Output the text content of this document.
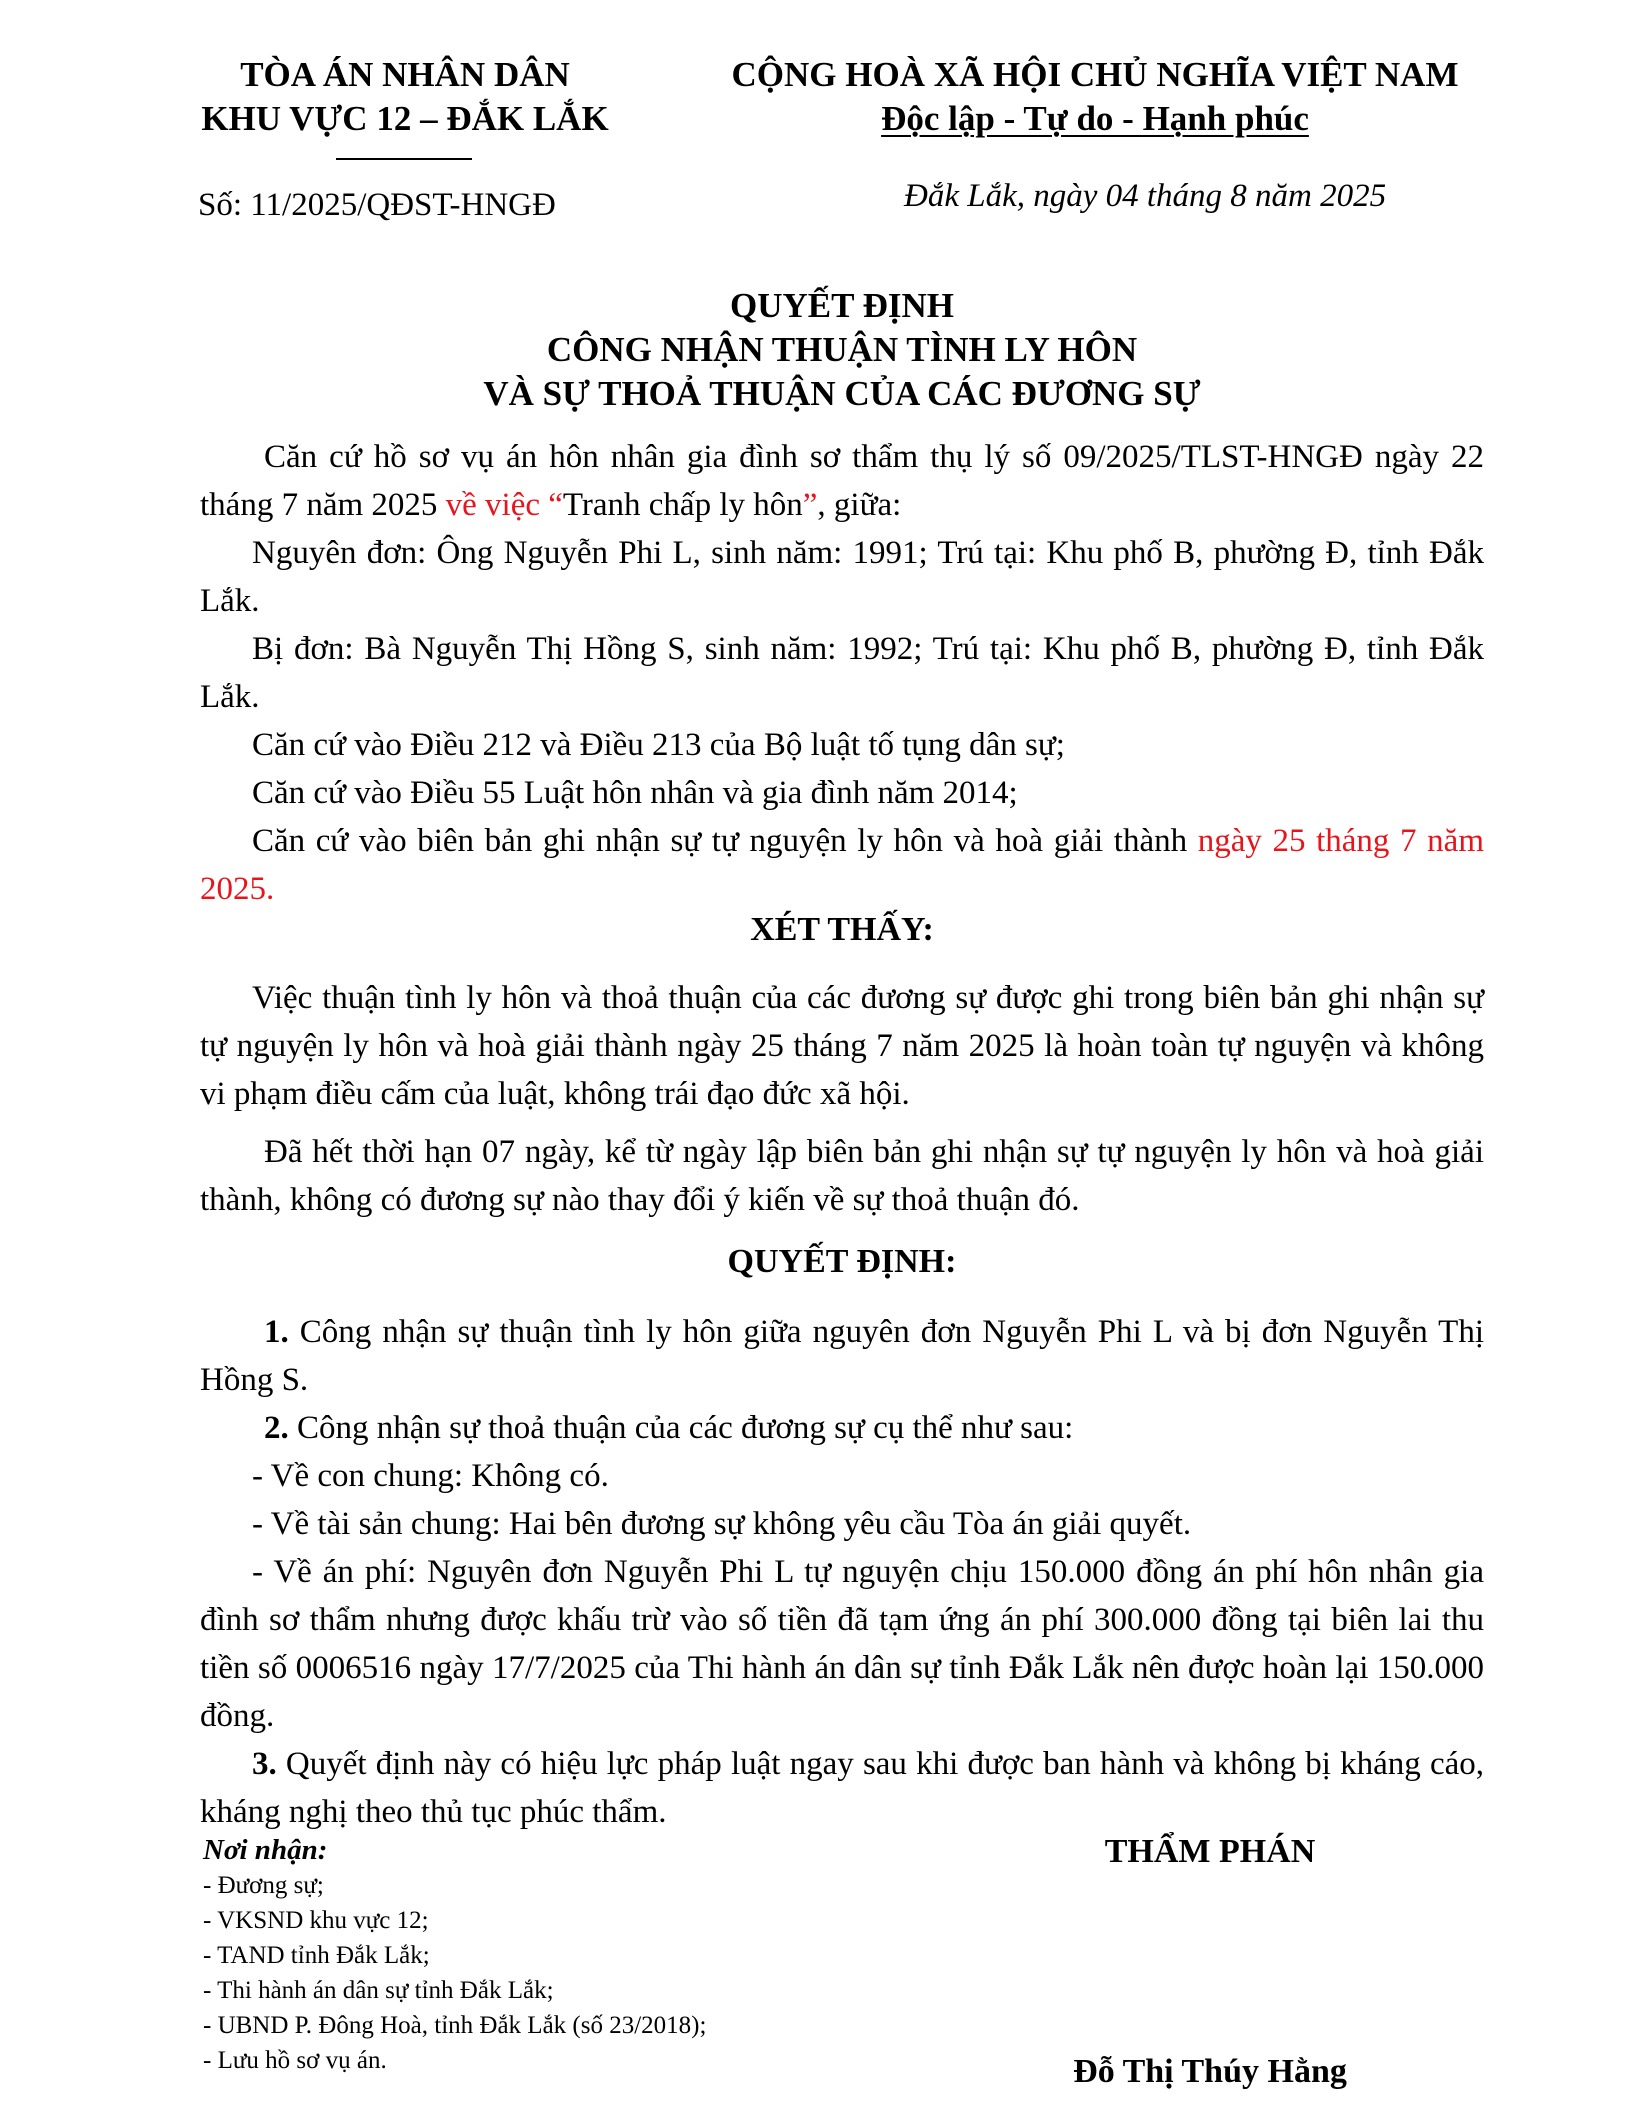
TÒA ÁN NHÂN DÂN
KHU VỰC 12 – ĐẮK LẮK
Số: 11/2025/QĐST-HNGĐ
CỘNG HOÀ XÃ HỘI CHỦ NGHĨA VIỆT NAM
Độc lập - Tự do - Hạnh phúc
Đắk Lắk, ngày 04 tháng 8 năm 2025
QUYẾT ĐỊNH
CÔNG NHẬN THUẬN TÌNH LY HÔN
VÀ SỰ THOẢ THUẬN CỦA CÁC ĐƯƠNG SỰ
Căn cứ hồ sơ vụ án hôn nhân gia đình sơ thẩm thụ lý số 09/2025/TLST-HNGĐ ngày 22 tháng 7 năm 2025 về việc “Tranh chấp ly hôn”, giữa:
Nguyên đơn: Ông Nguyễn Phi L, sinh năm: 1991; Trú tại: Khu phố B, phường Đ, tỉnh Đắk Lắk.
Bị đơn: Bà Nguyễn Thị Hồng S, sinh năm: 1992; Trú tại: Khu phố B, phường Đ, tỉnh Đắk Lắk.
Căn cứ vào Điều 212 và Điều 213 của Bộ luật tố tụng dân sự;
Căn cứ vào Điều 55 Luật hôn nhân và gia đình năm 2014;
Căn cứ vào biên bản ghi nhận sự tự nguyện ly hôn và hoà giải thành ngày 25 tháng 7 năm 2025.
XÉT THẤY:
Việc thuận tình ly hôn và thoả thuận của các đương sự được ghi trong biên bản ghi nhận sự tự nguyện ly hôn và hoà giải thành ngày 25 tháng 7 năm 2025 là hoàn toàn tự nguyện và không vi phạm điều cấm của luật, không trái đạo đức xã hội.
Đã hết thời hạn 07 ngày, kể từ ngày lập biên bản ghi nhận sự tự nguyện ly hôn và hoà giải thành, không có đương sự nào thay đổi ý kiến về sự thoả thuận đó.
QUYẾT ĐỊNH:
1. Công nhận sự thuận tình ly hôn giữa nguyên đơn Nguyễn Phi L và bị đơn Nguyễn Thị Hồng S.
2. Công nhận sự thoả thuận của các đương sự cụ thể như sau:
- Về con chung: Không có.
- Về tài sản chung: Hai bên đương sự không yêu cầu Tòa án giải quyết.
- Về án phí: Nguyên đơn Nguyễn Phi L tự nguyện chịu 150.000 đồng án phí hôn nhân gia đình sơ thẩm nhưng được khấu trừ vào số tiền đã tạm ứng án phí 300.000 đồng tại biên lai thu tiền số 0006516 ngày 17/7/2025 của Thi hành án dân sự tỉnh Đắk Lắk nên được hoàn lại 150.000 đồng.
3. Quyết định này có hiệu lực pháp luật ngay sau khi được ban hành và không bị kháng cáo, kháng nghị theo thủ tục phúc thẩm.
Nơi nhận:
- Đương sự;
- VKSND khu vực 12;
- TAND tỉnh Đắk Lắk;
- Thi hành án dân sự tỉnh Đắk Lắk;
- UBND P. Đông Hoà, tỉnh Đắk Lắk (số 23/2018);
- Lưu hồ sơ vụ án.
THẨM PHÁN
Đỗ Thị Thúy Hằng
